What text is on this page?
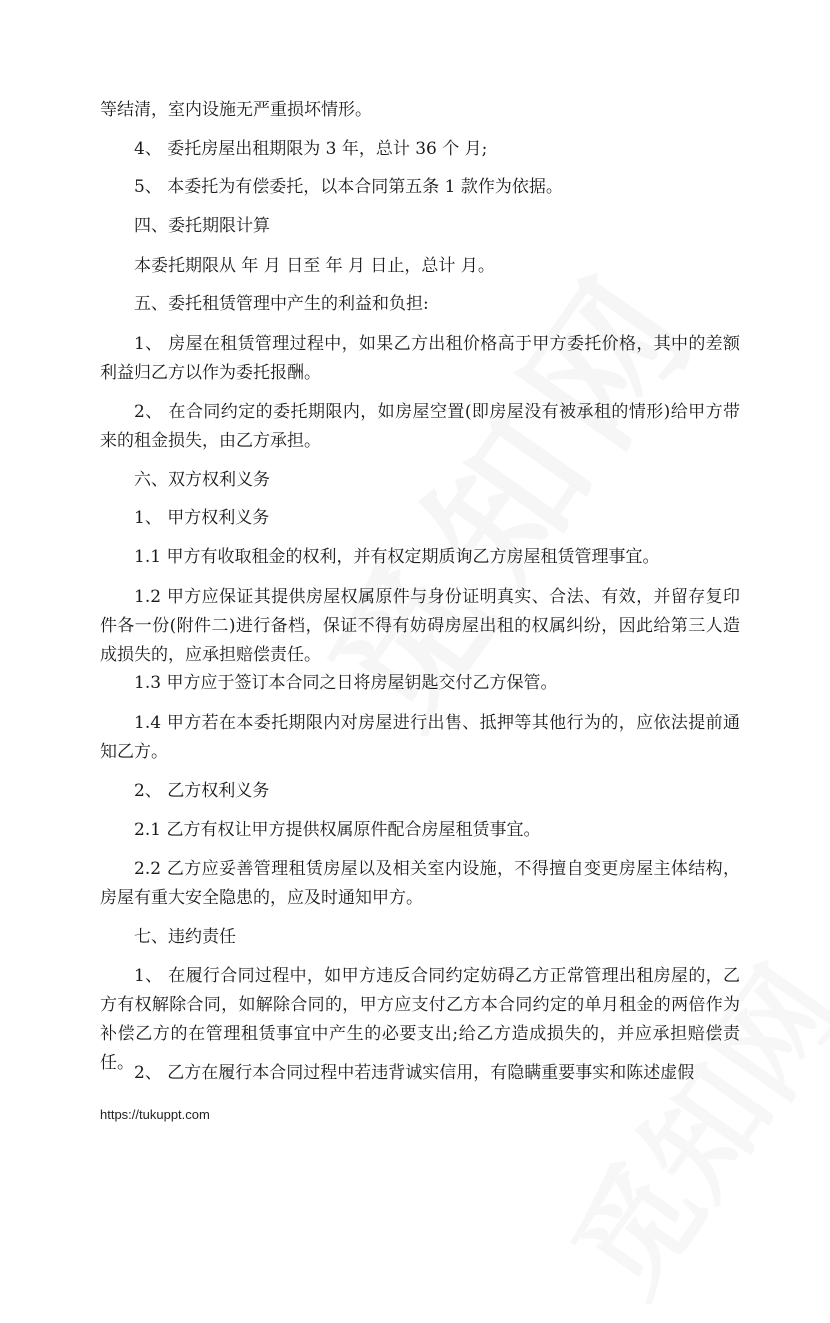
等结清，室内设施无严重损坏情形。

4、 委托房屋出租期限为 3 年，总计 36 个 月;

5、 本委托为有偿委托，以本合同第五条 1 款作为依据。

四、委托期限计算

本委托期限从 年 月 日至 年 月 日止，总计 月。

五、委托租赁管理中产生的利益和负担:

1、 房屋在租赁管理过程中，如果乙方出租价格高于甲方委托价格，其中的差额利益归乙方以作为委托报酬。

2、 在合同约定的委托期限内，如房屋空置(即房屋没有被承租的情形)给甲方带来的租金损失，由乙方承担。

六、双方权利义务

1、 甲方权利义务

1.1 甲方有收取租金的权利，并有权定期质询乙方房屋租赁管理事宜。

1.2 甲方应保证其提供房屋权属原件与身份证明真实、合法、有效，并留存复印件各一份(附件二)进行备档，保证不得有妨碍房屋出租的权属纠纷，因此给第三人造成损失的，应承担赔偿责任。

1.3 甲方应于签订本合同之日将房屋钥匙交付乙方保管。

1.4 甲方若在本委托期限内对房屋进行出售、抵押等其他行为的，应依法提前通知乙方。

2、 乙方权利义务

2.1 乙方有权让甲方提供权属原件配合房屋租赁事宜。

2.2 乙方应妥善管理租赁房屋以及相关室内设施，不得擅自变更房屋主体结构，房屋有重大安全隐患的，应及时通知甲方。

七、违约责任

1、 在履行合同过程中，如甲方违反合同约定妨碍乙方正常管理出租房屋的，乙方有权解除合同，如解除合同的，甲方应支付乙方本合同约定的单月租金的两倍作为补偿乙方的在管理租赁事宜中产生的必要支出;给乙方造成损失的，并应承担赔偿责任。 2、 乙方在履行本合同过程中若违背诚实信用，有隐瞒重要事实和陈述虚假

https://tukuppt.com
